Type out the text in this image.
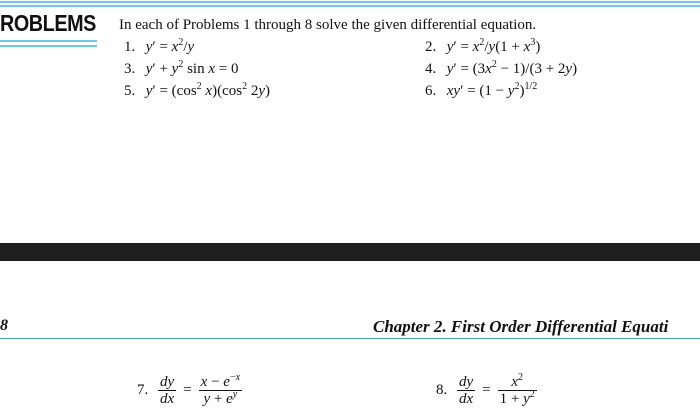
ROBLEMS In each of Problems 1 through 8 solve the given differential equation.
1. $y' = x^2/y$	2. $y' = x^2/y(1 + x^3)$
3. $y' + y^2$ sin x = 0	4. $y' = (3x^2 - 1)/(3 + 2y)$
5. $y' = (\cos^2$ $x)(\cos^2$ 2y)	6. $xy' = (1 - y^2)^{1/2}$
8	Chapter 2. First Order Differential Equati
7. $\frac{dy}{dx} = \frac{x - e^{-x}}{y + e^y}$	8. $\frac{dy}{dx} = \frac{x^2}{1 + y^2}$
